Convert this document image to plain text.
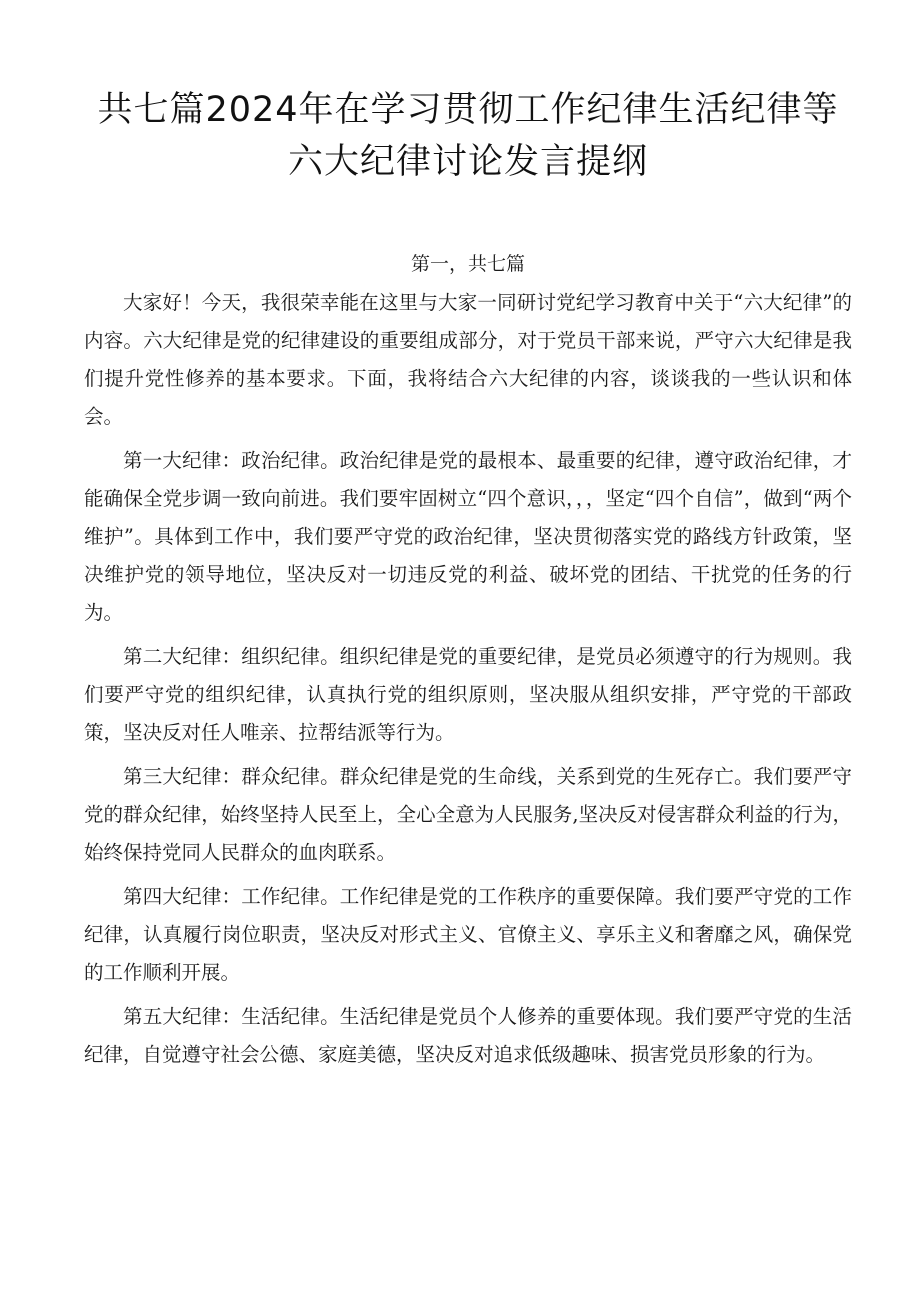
共七篇2024年在学习贯彻工作纪律生活纪律等六大纪律讨论发言提纲
第一，共七篇

大家好！今天，我很荣幸能在这里与大家一同研讨党纪学习教育中关于“六大纪律”的内容。六大纪律是党的纪律建设的重要组成部分，对于党员干部来说，严守六大纪律是我们提升党性修养的基本要求。下面，我将结合六大纪律的内容，谈谈我的一些认识和体会。

第一大纪律：政治纪律。政治纪律是党的最根本、最重要的纪律，遵守政治纪律，才能确保全党步调一致向前进。我们要牢固树立“四个意识，，，坚定“四个自信”，做到“两个维护”。具体到工作中，我们要严守党的政治纪律，坚决贯彻落实党的路线方针政策，坚决维护党的领导地位，坚决反对一切违反党的利益、破坏党的团结、干扰党的任务的行为。

第二大纪律：组织纪律。组织纪律是党的重要纪律，是党员必须遵守的行为规则。我们要严守党的组织纪律，认真执行党的组织原则，坚决服从组织安排，严守党的干部政策，坚决反对任人唯亲、拉帮结派等行为。

第三大纪律：群众纪律。群众纪律是党的生命线，关系到党的生死存亡。我们要严守党的群众纪律，始终坚持人民至上，全心全意为人民服务,坚决反对侵害群众利益的行为，始终保持党同人民群众的血肉联系。

第四大纪律：工作纪律。工作纪律是党的工作秩序的重要保障。我们要严守党的工作纪律，认真履行岗位职责，坚决反对形式主义、官僚主义、享乐主义和奢靡之风，确保党的工作顺利开展。

第五大纪律：生活纪律。生活纪律是党员个人修养的重要体现。我们要严守党的生活纪律，自觉遵守社会公德、家庭美德，坚决反对追求低级趣味、损害党员形象的行为。
